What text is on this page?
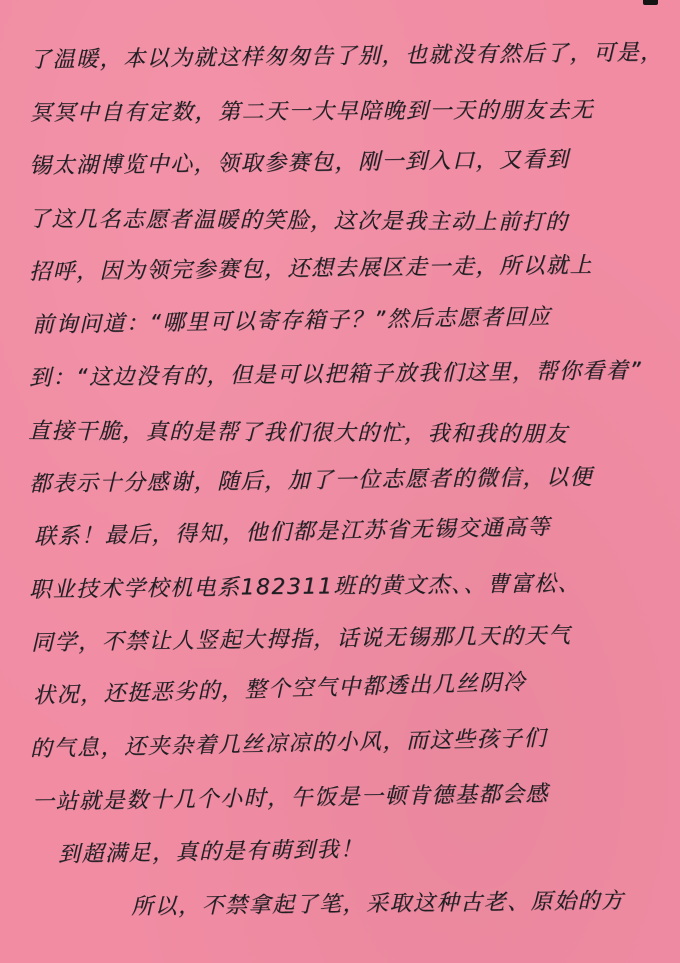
了温暖，本以为就这样匆匆告了别，也就没有然后了，可是，

冥冥中自有定数，第二天一大早陪晚到一天的朋友去无

锡太湖博览中心，领取参赛包，刚一到入口，又看到

了这几名志愿者温暖的笑脸，这次是我主动上前打的

招呼，因为领完参赛包，还想去展区走一走，所以就上

前询问道：“哪里可以寄存箱子？”然后志愿者回应

到：“这边没有的，但是可以把箱子放我们这里，帮你看着”

直接干脆，真的是帮了我们很大的忙，我和我的朋友

都表示十分感谢，随后，加了一位志愿者的微信，以便

联系！最后，得知，他们都是江苏省无锡交通高等

职业技术学校机电系182311班的黄文杰、、曹富松、

同学，不禁让人竖起大拇指，话说无锡那几天的天气

状况，还挺恶劣的，整个空气中都透出几丝阴冷

的气息，还夹杂着几丝凉凉的小风，而这些孩子们

一站就是数十几个小时，午饭是一顿肯德基都会感

到超满足，真的是有萌到我！

所以，不禁拿起了笔，采取这种古老、原始的方
